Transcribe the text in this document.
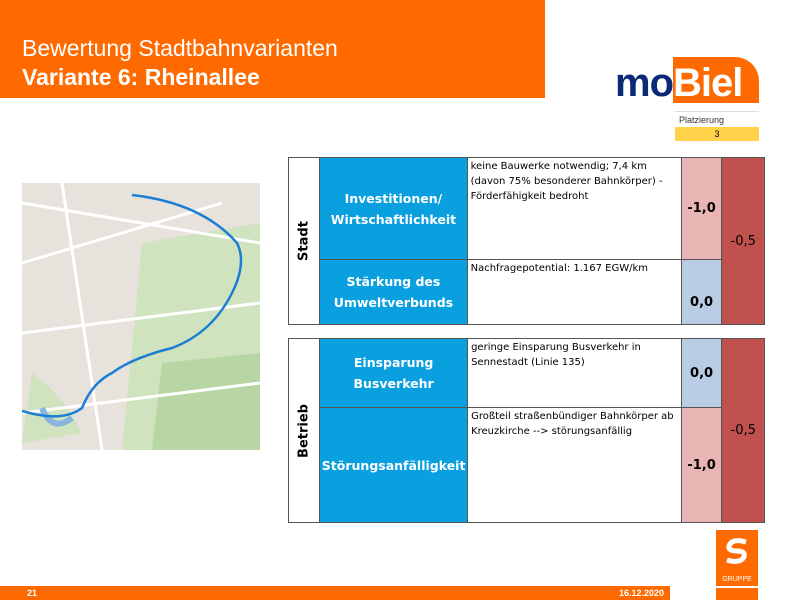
Bewertung Stadtbahnvarianten
Variante 6: Rheinallee	moBiel
Platzierung
3
Stadt	Investitionen/ Wirtschaftlichkeit	keine Bauwerke notwendig; 7,4 km (davon 75% besonderer Bahnkörper) - Förderfähigkeit bedroht	-1,0	-0,5
	Stärkung des Umweltverbunds	Nachfragepotential: 1.167 EGW/km	0,0	
Betrieb	Einsparung Busverkehr	geringe Einsparung Busverkehr in Sennestadt (Linie 135)	0,0	-0,5
	Störungsanfälligkeit	Großteil straßenbündiger Bahnkörper ab Kreuzkirche --> störungsanfällig	-1,0	
21	16.12.2020
GRUPPE
